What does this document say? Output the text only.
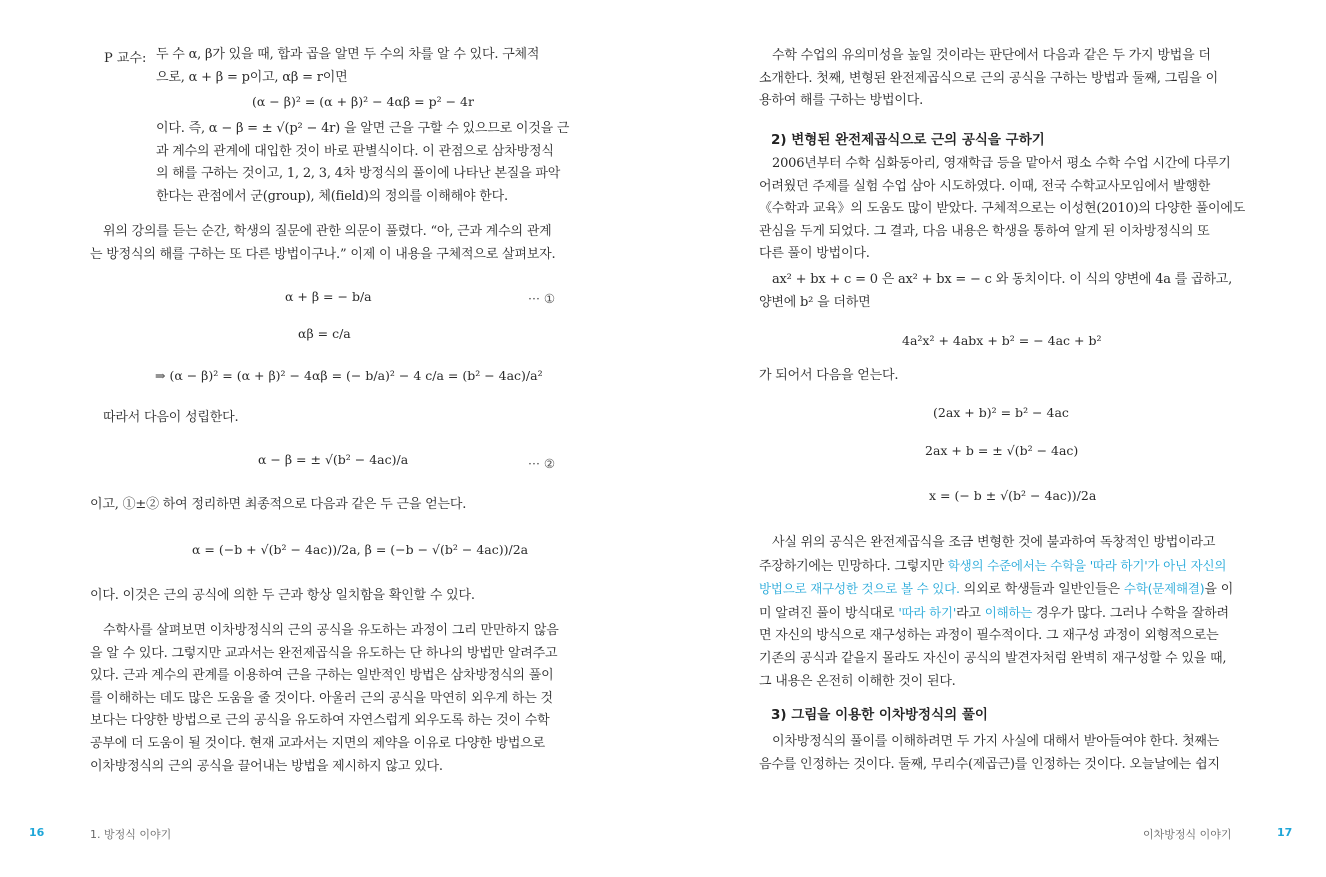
P 교수: 두 수 α, β가 있을 때, 합과 곱을 알면 두 수의 차를 알 수 있다. 구체적
으로, α + β = p이고, αβ = r이면
(α − β)² = (α + β)² − 4αβ = p² − 4r
이다. 즉, α − β = ± √(p² − 4r) 을 알면 근을 구할 수 있으므로 이것을 근
과 계수의 관계에 대입한 것이 바로 판별식이다. 이 관점으로 삼차방정식
의 해를 구하는 것이고, 1, 2, 3, 4차 방정식의 풀이에 나타난 본질을 파악
한다는 관점에서 군(group), 체(field)의 정의를 이해해야 한다.
위의 강의를 듣는 순간, 학생의 질문에 관한 의문이 풀렸다. “아, 근과 계수의 관계
는 방정식의 해를 구하는 또 다른 방법이구나.” 이제 이 내용을 구체적으로 살펴보자.
α + β = − b/a	··· ①
αβ = c/a
⇒ (α − β)² = (α + β)² − 4αβ = (− b/a)² − 4 c/a = (b² − 4ac)/a²
따라서 다음이 성립한다.
α − β = ± √(b² − 4ac)/a	··· ②
이고, ①±② 하여 정리하면 최종적으로 다음과 같은 두 근을 얻는다.
α = (−b + √(b² − 4ac))/2a, β = (−b − √(b² − 4ac))/2a
이다. 이것은 근의 공식에 의한 두 근과 항상 일치함을 확인할 수 있다.
수학사를 살펴보면 이차방정식의 근의 공식을 유도하는 과정이 그리 만만하지 않음
을 알 수 있다. 그렇지만 교과서는 완전제곱식을 유도하는 단 하나의 방법만 알려주고
있다. 근과 계수의 관계를 이용하여 근을 구하는 일반적인 방법은 삼차방정식의 풀이
를 이해하는 데도 많은 도움을 줄 것이다. 아울러 근의 공식을 막연히 외우게 하는 것
보다는 다양한 방법으로 근의 공식을 유도하여 자연스럽게 외우도록 하는 것이 수학
공부에 더 도움이 될 것이다. 현재 교과서는 지면의 제약을 이유로 다양한 방법으로
이차방정식의 근의 공식을 끌어내는 방법을 제시하지 않고 있다.
16	1. 방정식 이야기
수학 수업의 유의미성을 높일 것이라는 판단에서 다음과 같은 두 가지 방법을 더
소개한다. 첫째, 변형된 완전제곱식으로 근의 공식을 구하는 방법과 둘째, 그림을 이
용하여 해를 구하는 방법이다.
2) 변형된 완전제곱식으로 근의 공식을 구하기
2006년부터 수학 심화동아리, 영재학급 등을 맡아서 평소 수학 수업 시간에 다루기
어려웠던 주제를 실험 수업 삼아 시도하였다. 이때, 전국 수학교사모임에서 발행한
《수학과 교육》의 도움도 많이 받았다. 구체적으로는 이성현(2010)의 다양한 풀이에도
관심을 두게 되었다. 그 결과, 다음 내용은 학생을 통하여 알게 된 이차방정식의 또
다른 풀이 방법이다.
ax² + bx + c = 0 은 ax² + bx = − c 와 동치이다. 이 식의 양변에 4a 를 곱하고,
양변에 b² 을 더하면
4a²x² + 4abx + b² = − 4ac + b²
가 되어서 다음을 얻는다.
(2ax + b)² = b² − 4ac
2ax + b = ± √(b² − 4ac)
x = (− b ± √(b² − 4ac))/2a
사실 위의 공식은 완전제곱식을 조금 변형한 것에 불과하여 독창적인 방법이라고
주장하기에는 민망하다. 그렇지만 학생의 수준에서는 수학을 '따라 하기'가 아닌 자신의
방법으로 재구성한 것으로 볼 수 있다. 의외로 학생들과 일반인들은 수학(문제해결)을 이
미 알려진 풀이 방식대로 '따라 하기'라고 이해하는 경우가 많다. 그러나 수학을 잘하려
면 자신의 방식으로 재구성하는 과정이 필수적이다. 그 재구성 과정이 외형적으로는
기존의 공식과 같을지 몰라도 자신이 공식의 발견자처럼 완벽히 재구성할 수 있을 때,
그 내용은 온전히 이해한 것이 된다.
3) 그림을 이용한 이차방정식의 풀이
이차방정식의 풀이를 이해하려면 두 가지 사실에 대해서 받아들여야 한다. 첫째는
음수를 인정하는 것이다. 둘째, 무리수(제곱근)를 인정하는 것이다. 오늘날에는 쉽지
이차방정식 이야기	17
